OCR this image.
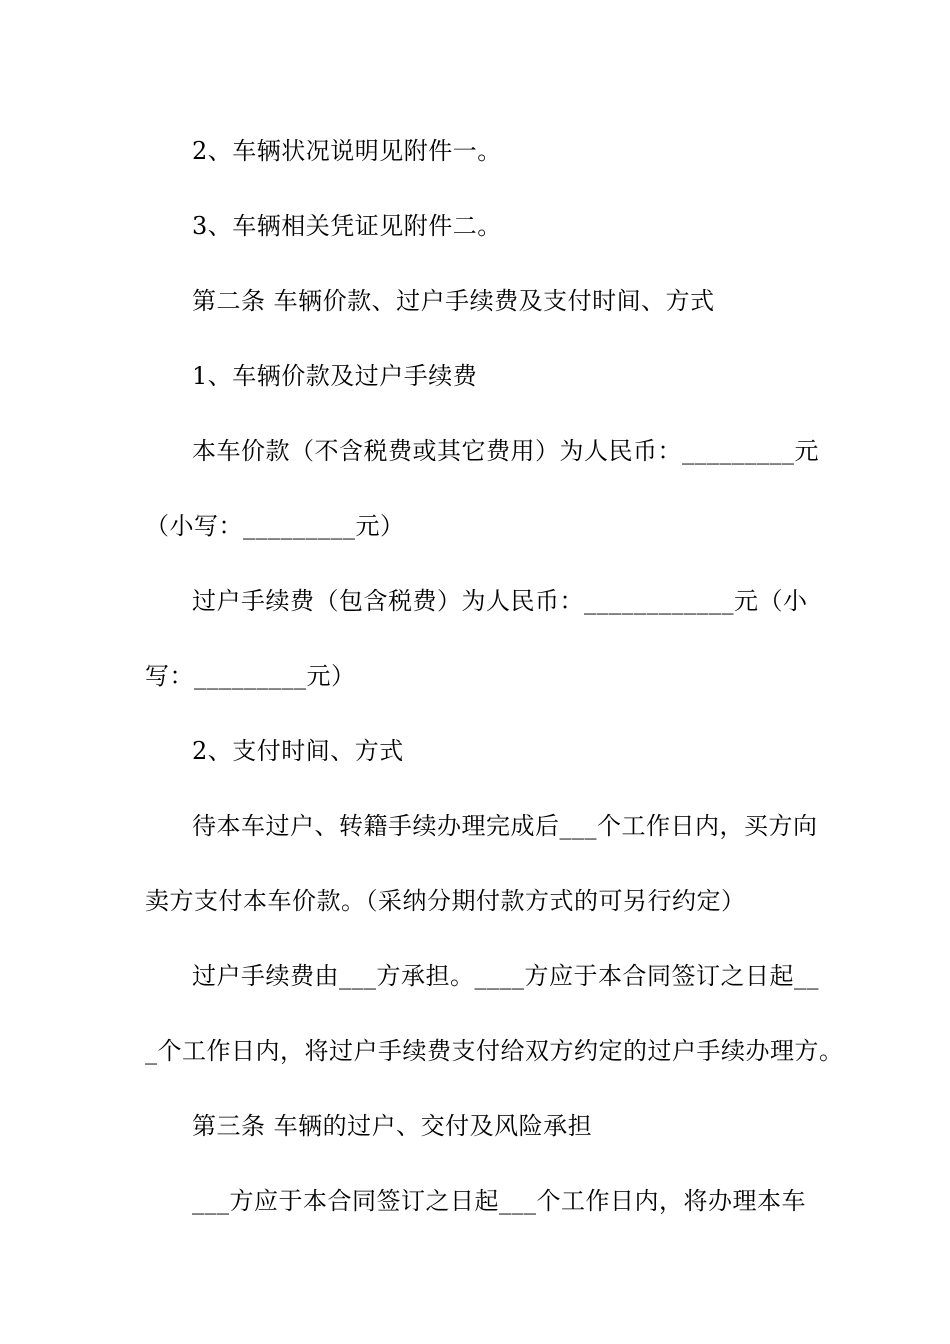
2、车辆状况说明见附件一。
3、车辆相关凭证见附件二。
第二条 车辆价款、过户手续费及支付时间、方式
1、车辆价款及过户手续费
本车价款（不含税费或其它费用）为人民币：_________元
（小写：_________元）
过户手续费（包含税费）为人民币：____________元（小
写：_________元）
2、支付时间、方式
待本车过户、转籍手续办理完成后___个工作日内，买方向
卖方支付本车价款。（采纳分期付款方式的可另行约定）
过户手续费由___方承担。____方应于本合同签订之日起__
_个工作日内，将过户手续费支付给双方约定的过户手续办理方。
第三条 车辆的过户、交付及风险承担
___方应于本合同签订之日起___个工作日内，将办理本车
